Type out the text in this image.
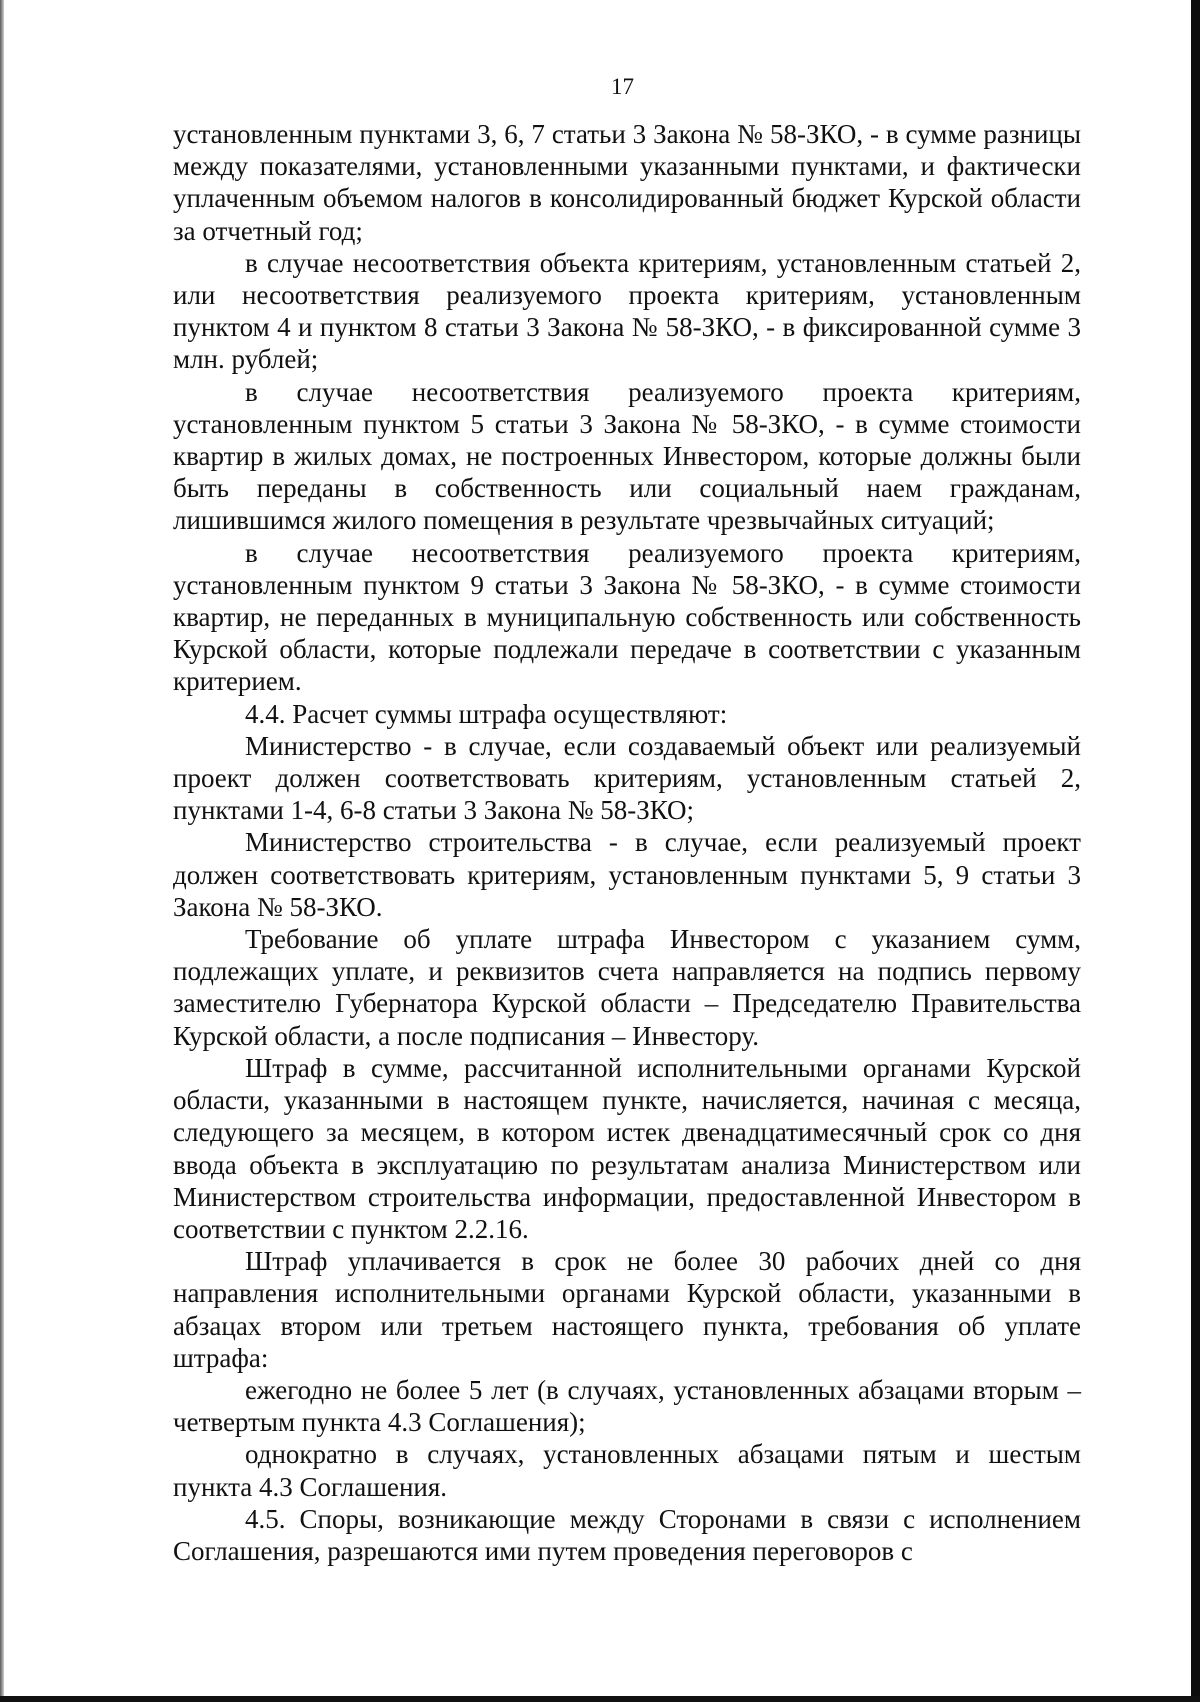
17

установленным пунктами 3, 6, 7 статьи 3 Закона № 58-ЗКО, - в сумме разницы между показателями, установленными указанными пунктами, и фактически уплаченным объемом налогов в консолидированный бюджет Курской области за отчетный год;

в случае несоответствия объекта критериям, установленным статьей 2, или несоответствия реализуемого проекта критериям, установленным пунктом 4 и пунктом 8 статьи 3 Закона № 58-ЗКО, - в фиксированной сумме 3 млн. рублей;

в случае несоответствия реализуемого проекта критериям, установленным пунктом 5 статьи 3 Закона № 58-ЗКО, - в сумме стоимости квартир в жилых домах, не построенных Инвестором, которые должны были быть переданы в собственность или социальный наем гражданам, лишившимся жилого помещения в результате чрезвычайных ситуаций;

в случае несоответствия реализуемого проекта критериям, установленным пунктом 9 статьи 3 Закона № 58-ЗКО, - в сумме стоимости квартир, не переданных в муниципальную собственность или собственность Курской области, которые подлежали передаче в соответствии с указанным критерием.

4.4. Расчет суммы штрафа осуществляют:

Министерство - в случае, если создаваемый объект или реализуемый проект должен соответствовать критериям, установленным статьей 2, пунктами 1-4, 6-8 статьи 3 Закона № 58-ЗКО;

Министерство строительства - в случае, если реализуемый проект должен соответствовать критериям, установленным пунктами 5, 9 статьи 3 Закона № 58-ЗКО.

Требование об уплате штрафа Инвестором с указанием сумм, подлежащих уплате, и реквизитов счета направляется на подпись первому заместителю Губернатора Курской области – Председателю Правительства Курской области, а после подписания – Инвестору.

Штраф в сумме, рассчитанной исполнительными органами Курской области, указанными в настоящем пункте, начисляется, начиная с месяца, следующего за месяцем, в котором истек двенадцатимесячный срок со дня ввода объекта в эксплуатацию по результатам анализа Министерством или Министерством строительства информации, предоставленной Инвестором в соответствии с пунктом 2.2.16.

Штраф уплачивается в срок не более 30 рабочих дней со дня направления исполнительными органами Курской области, указанными в абзацах втором или третьем настоящего пункта, требования об уплате штрафа:

ежегодно не более 5 лет (в случаях, установленных абзацами вторым – четвертым пункта 4.3 Соглашения);

однократно в случаях, установленных абзацами пятым и шестым пункта 4.3 Соглашения.

4.5. Споры, возникающие между Сторонами в связи с исполнением Соглашения, разрешаются ими путем проведения переговоров с
